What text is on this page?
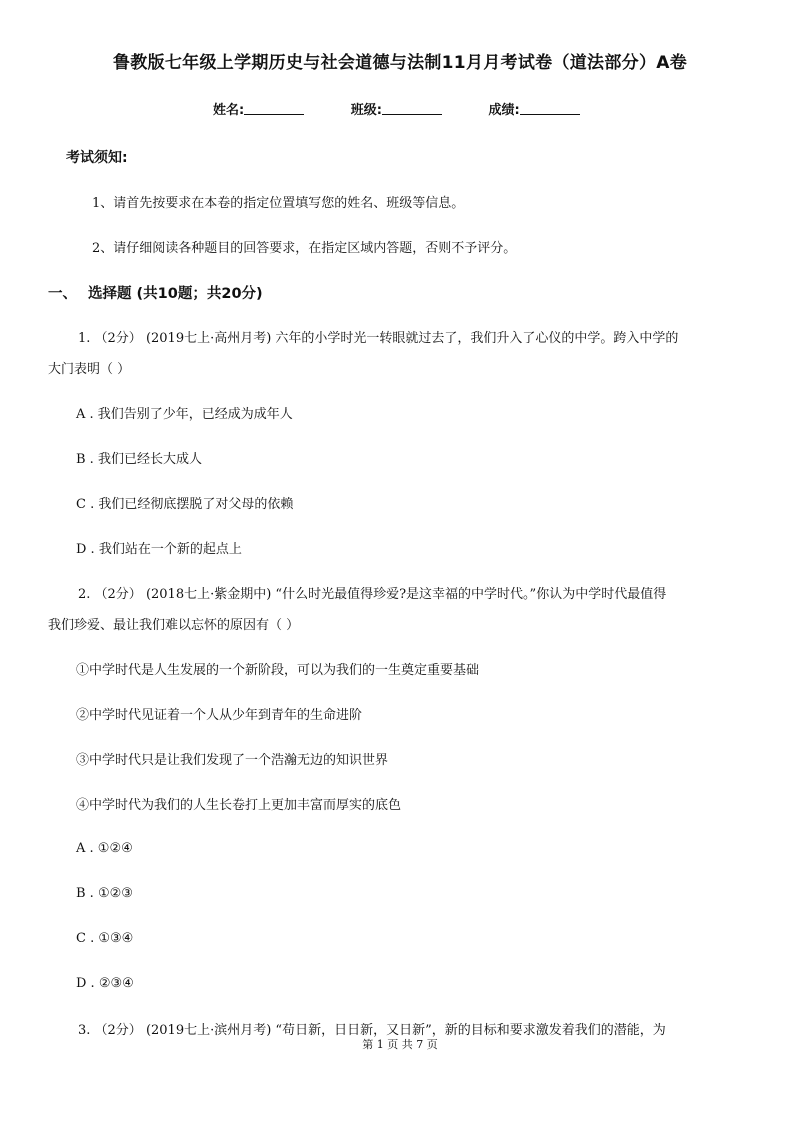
鲁教版七年级上学期历史与社会道德与法制11月月考试卷（道法部分）A卷
姓名:	班级:	成绩:
考试须知:
1、请首先按要求在本卷的指定位置填写您的姓名、班级等信息。
2、请仔细阅读各种题目的回答要求，在指定区域内答题，否则不予评分。
一、 选择题 (共10题；共20分)
1. （2分） (2019七上·高州月考) 六年的小学时光一转眼就过去了，我们升入了心仪的中学。跨入中学的
大门表明（ ）
A . 我们告别了少年，已经成为成年人
B . 我们已经长大成人
C . 我们已经彻底摆脱了对父母的依赖
D . 我们站在一个新的起点上
2. （2分） (2018七上·紫金期中) “什么时光最值得珍爱?是这幸福的中学时代。”你认为中学时代最值得
我们珍爱、最让我们难以忘怀的原因有（ ）
①中学时代是人生发展的一个新阶段，可以为我们的一生奠定重要基础
②中学时代见证着一个人从少年到青年的生命进阶
③中学时代只是让我们发现了一个浩瀚无边的知识世界
④中学时代为我们的人生长卷打上更加丰富而厚实的底色
A . ①②④
B . ①②③
C . ①③④
D . ②③④
3. （2分） (2019七上·滨州月考) “苟日新，日日新，又日新”，新的目标和要求激发着我们的潜能，为
第 1 页 共 7 页
